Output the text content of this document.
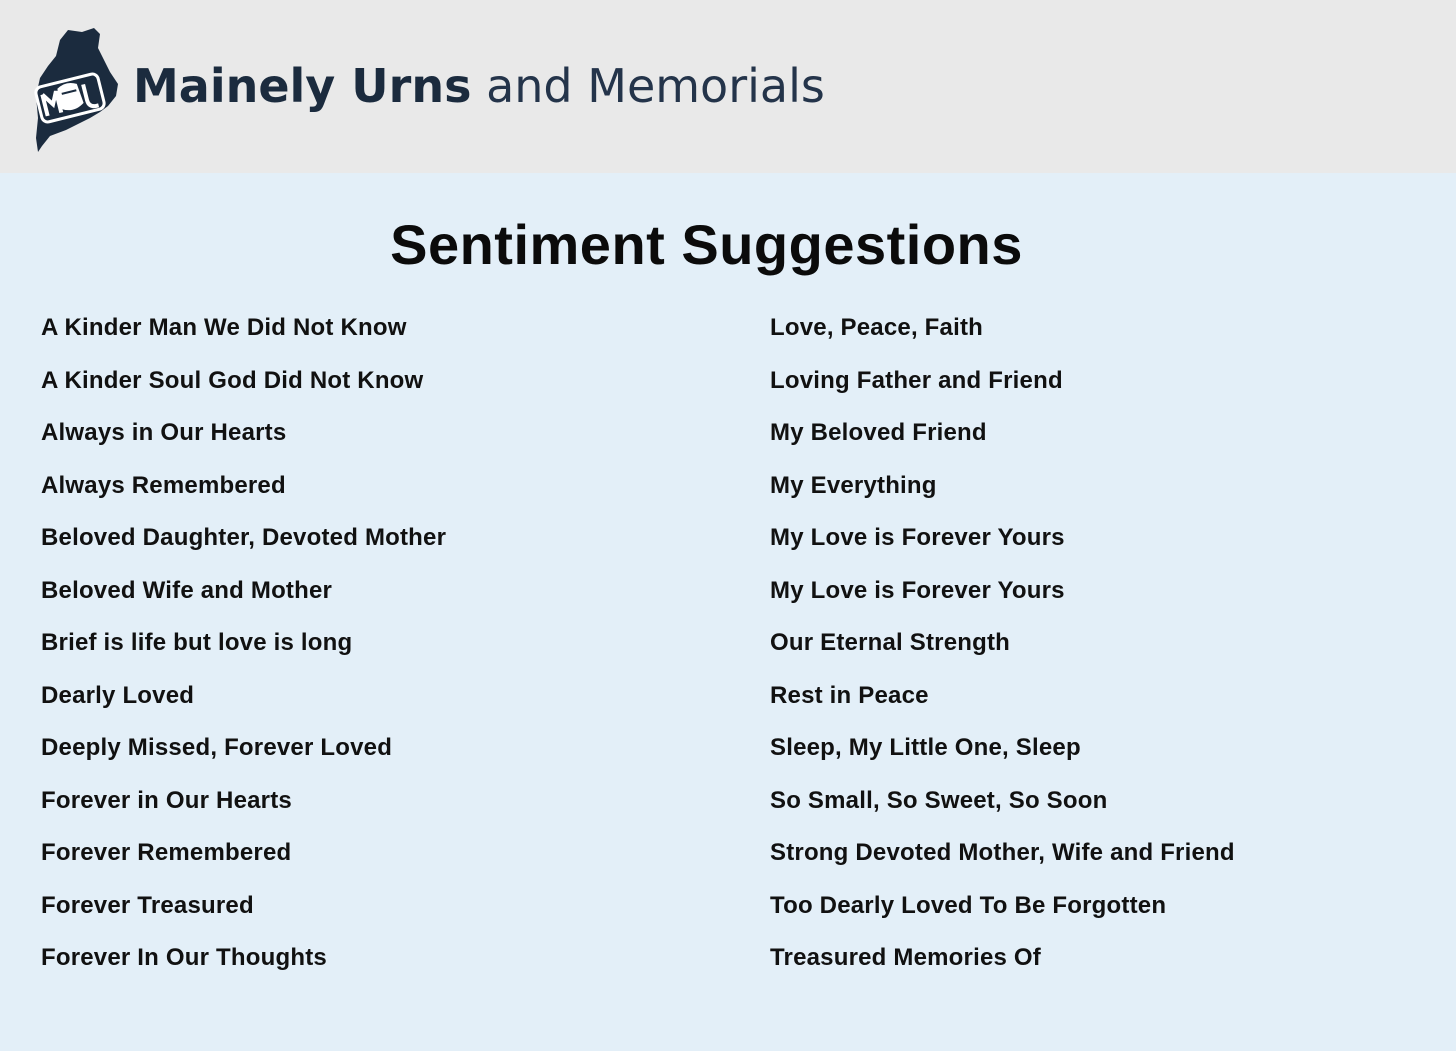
Mainely Urns and Memorials
Sentiment Suggestions
A Kinder Man We Did Not Know
A Kinder Soul God Did Not Know
Always in Our Hearts
Always Remembered
Beloved Daughter, Devoted Mother
Beloved Wife and Mother
Brief is life but love is long
Dearly Loved
Deeply Missed, Forever Loved
Forever in Our Hearts
Forever Remembered
Forever Treasured
Forever In Our Thoughts
Love, Peace, Faith
Loving Father and Friend
My Beloved Friend
My Everything
My Love is Forever Yours
My Love is Forever Yours
Our Eternal Strength
Rest in Peace
Sleep, My Little One, Sleep
So Small, So Sweet, So Soon
Strong Devoted Mother, Wife and Friend
Too Dearly Loved To Be Forgotten
Treasured Memories Of
